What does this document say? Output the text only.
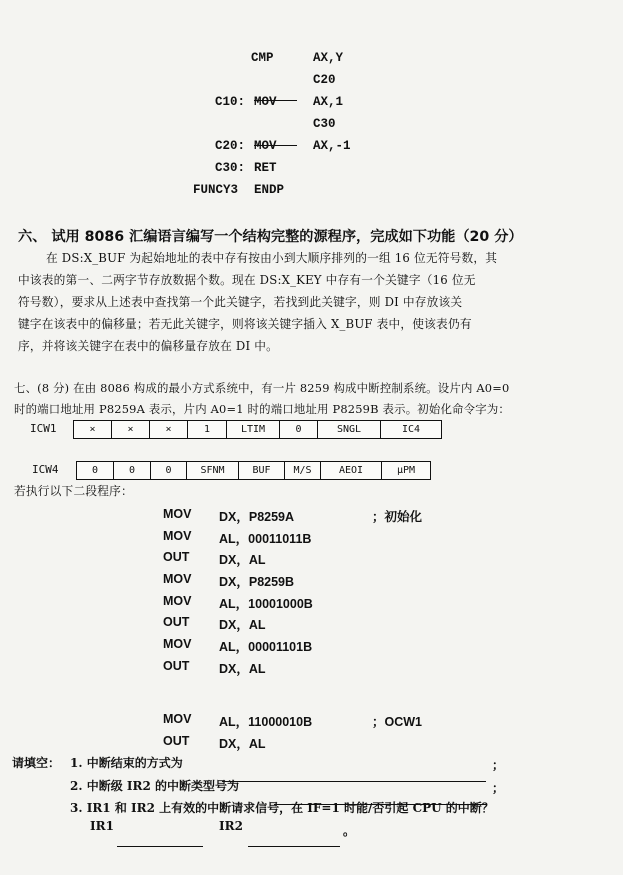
CMP	AX,Y
C20
C10: MOV	AX,1
C30
C20: MOV	AX,-1
C30: RET
FUNCY3 ENDP
六、 试用 8086 汇编语言编写一个结构完整的源程序，完成如下功能（20 分）
在 DS:X_BUF 为起始地址的表中存有按由小到大顺序排列的一组 16 位无符号数，其
中该表的第一、二两字节存放数据个数。现在 DS:X_KEY 中存有一个关键字（16 位无
符号数），要求从上述表中查找第一个此关键字，若找到此关键字，则 DI 中存放该关
键字在该表中的偏移量；若无此关键字，则将该关键字插入 X_BUF 表中，使该表仍有
序，并将该关键字在表中的偏移量存放在 DI 中。
七、(8 分) 在由 8086 构成的最小方式系统中，有一片 8259 构成中断控制系统。设片内 A0=0
时的端口地址用 P8259A 表示，片内 A0=1 时的端口地址用 P8259B 表示。初始化命令字为：
ICW1	×	×	×	1	LTIM	0	SNGL	IC4
ICW4	0	0	0	SFNM	BUF	M/S	AEOI	μPM
若执行以下二段程序：
MOV DX，P8259A	；初始化
MOV AL，00011011B
OUT DX，AL
MOV DX，P8259B
MOV AL，10001000B
OUT DX，AL
MOV AL，00001101B
OUT DX，AL
MOV AL，11000010B	；OCW1
OUT DX，AL
请填空： 1. 中断结束的方式为	；
2. 中断级 IR2 的中断类型号为	；
3. IR1 和 IR2 上有效的中断请求信号，在 IF=1 时能/否引起 CPU 的中断？
IR1	IR2	。
